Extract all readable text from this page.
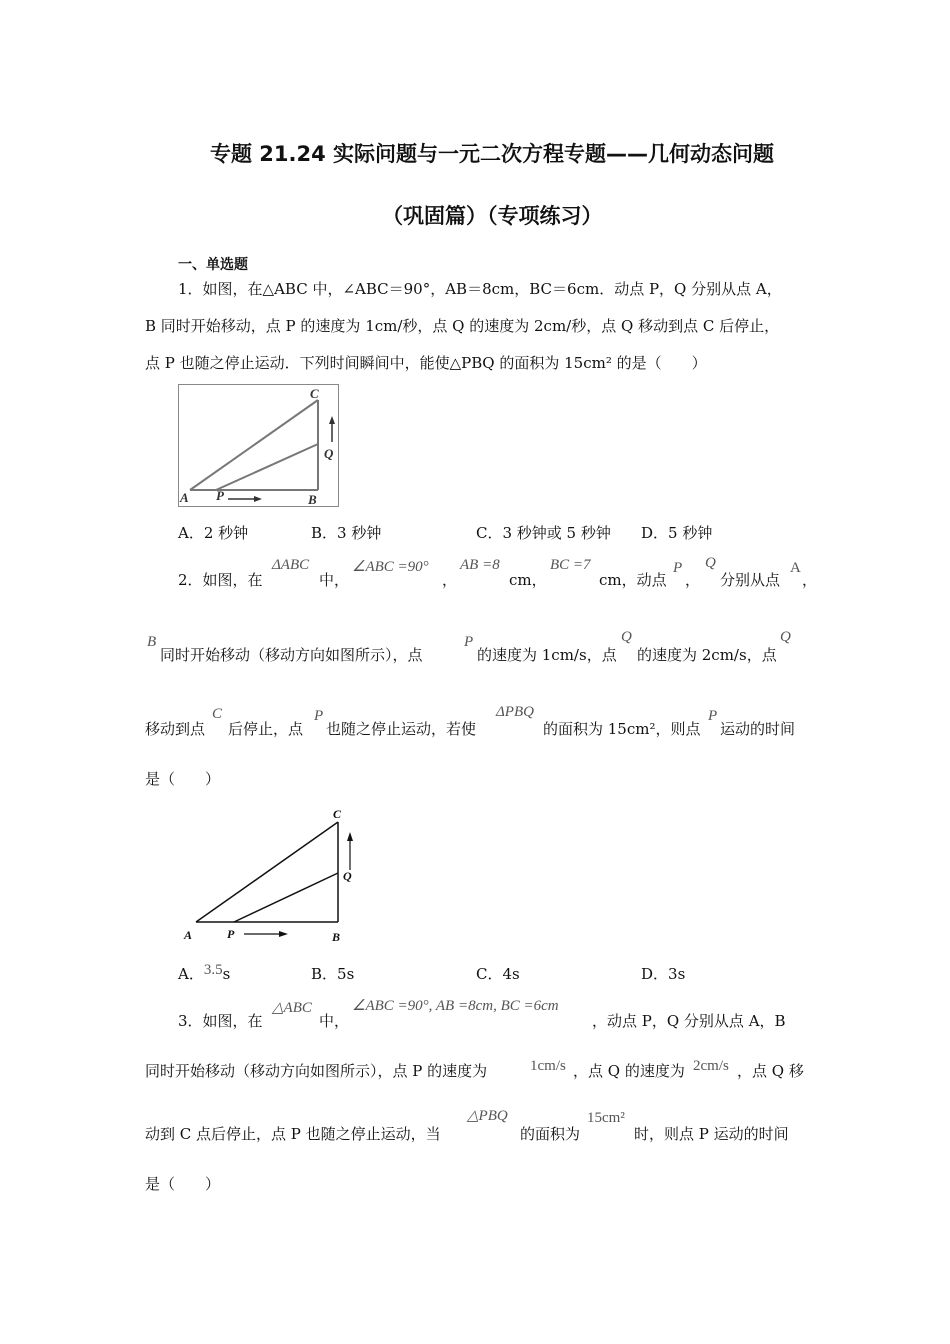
专题 21.24 实际问题与一元二次方程专题——几何动态问题
（巩固篇）（专项练习）
一、单选题
1．如图，在△ABC 中，∠ABC＝90°，AB＝8cm，BC＝6cm．动点 P，Q 分别从点 A，
B 同时开始移动，点 P 的速度为 1cm/秒，点 Q 的速度为 2cm/秒，点 Q 移动到点 C 后停止，
点 P 也随之停止运动．下列时间瞬间中，能使△PBQ 的面积为 15cm² 的是（　　）
A P	B
Q
C
A．2 秒钟	B．3 秒钟	C．3 秒钟或 5 秒钟 D．5 秒钟
2．如图，在
ΔABC
中，
∠ABC =90°
，
AB =8
cm，
BC =7
cm，动点
P
，
Q
分别从点
A
，
B
同时开始移动（移动方向如图所示），点
P
的速度为 1cm/s，点
Q
的速度为 2cm/s，点
Q
移动到点
C
后停止，点
P
也随之停止运动，若使
ΔPBQ
的面积为 15cm²，则点
P
运动的时间
是（　　）
A	P	B
Q
C
A．3.5s	B．5s	C．4s	D．3s
3．如图，在
△ABC
中，
∠ABC =90°, AB =8cm, BC =6cm
，动点 P，Q 分别从点 A，B
同时开始移动（移动方向如图所示），点 P 的速度为	1cm/s ，点 Q 的速度为 2cm/s ，点 Q 移
动到 C 点后停止，点 P 也随之停止运动，当
△PBQ
的面积为
15cm²
时，则点 P 运动的时间
是（　　）
